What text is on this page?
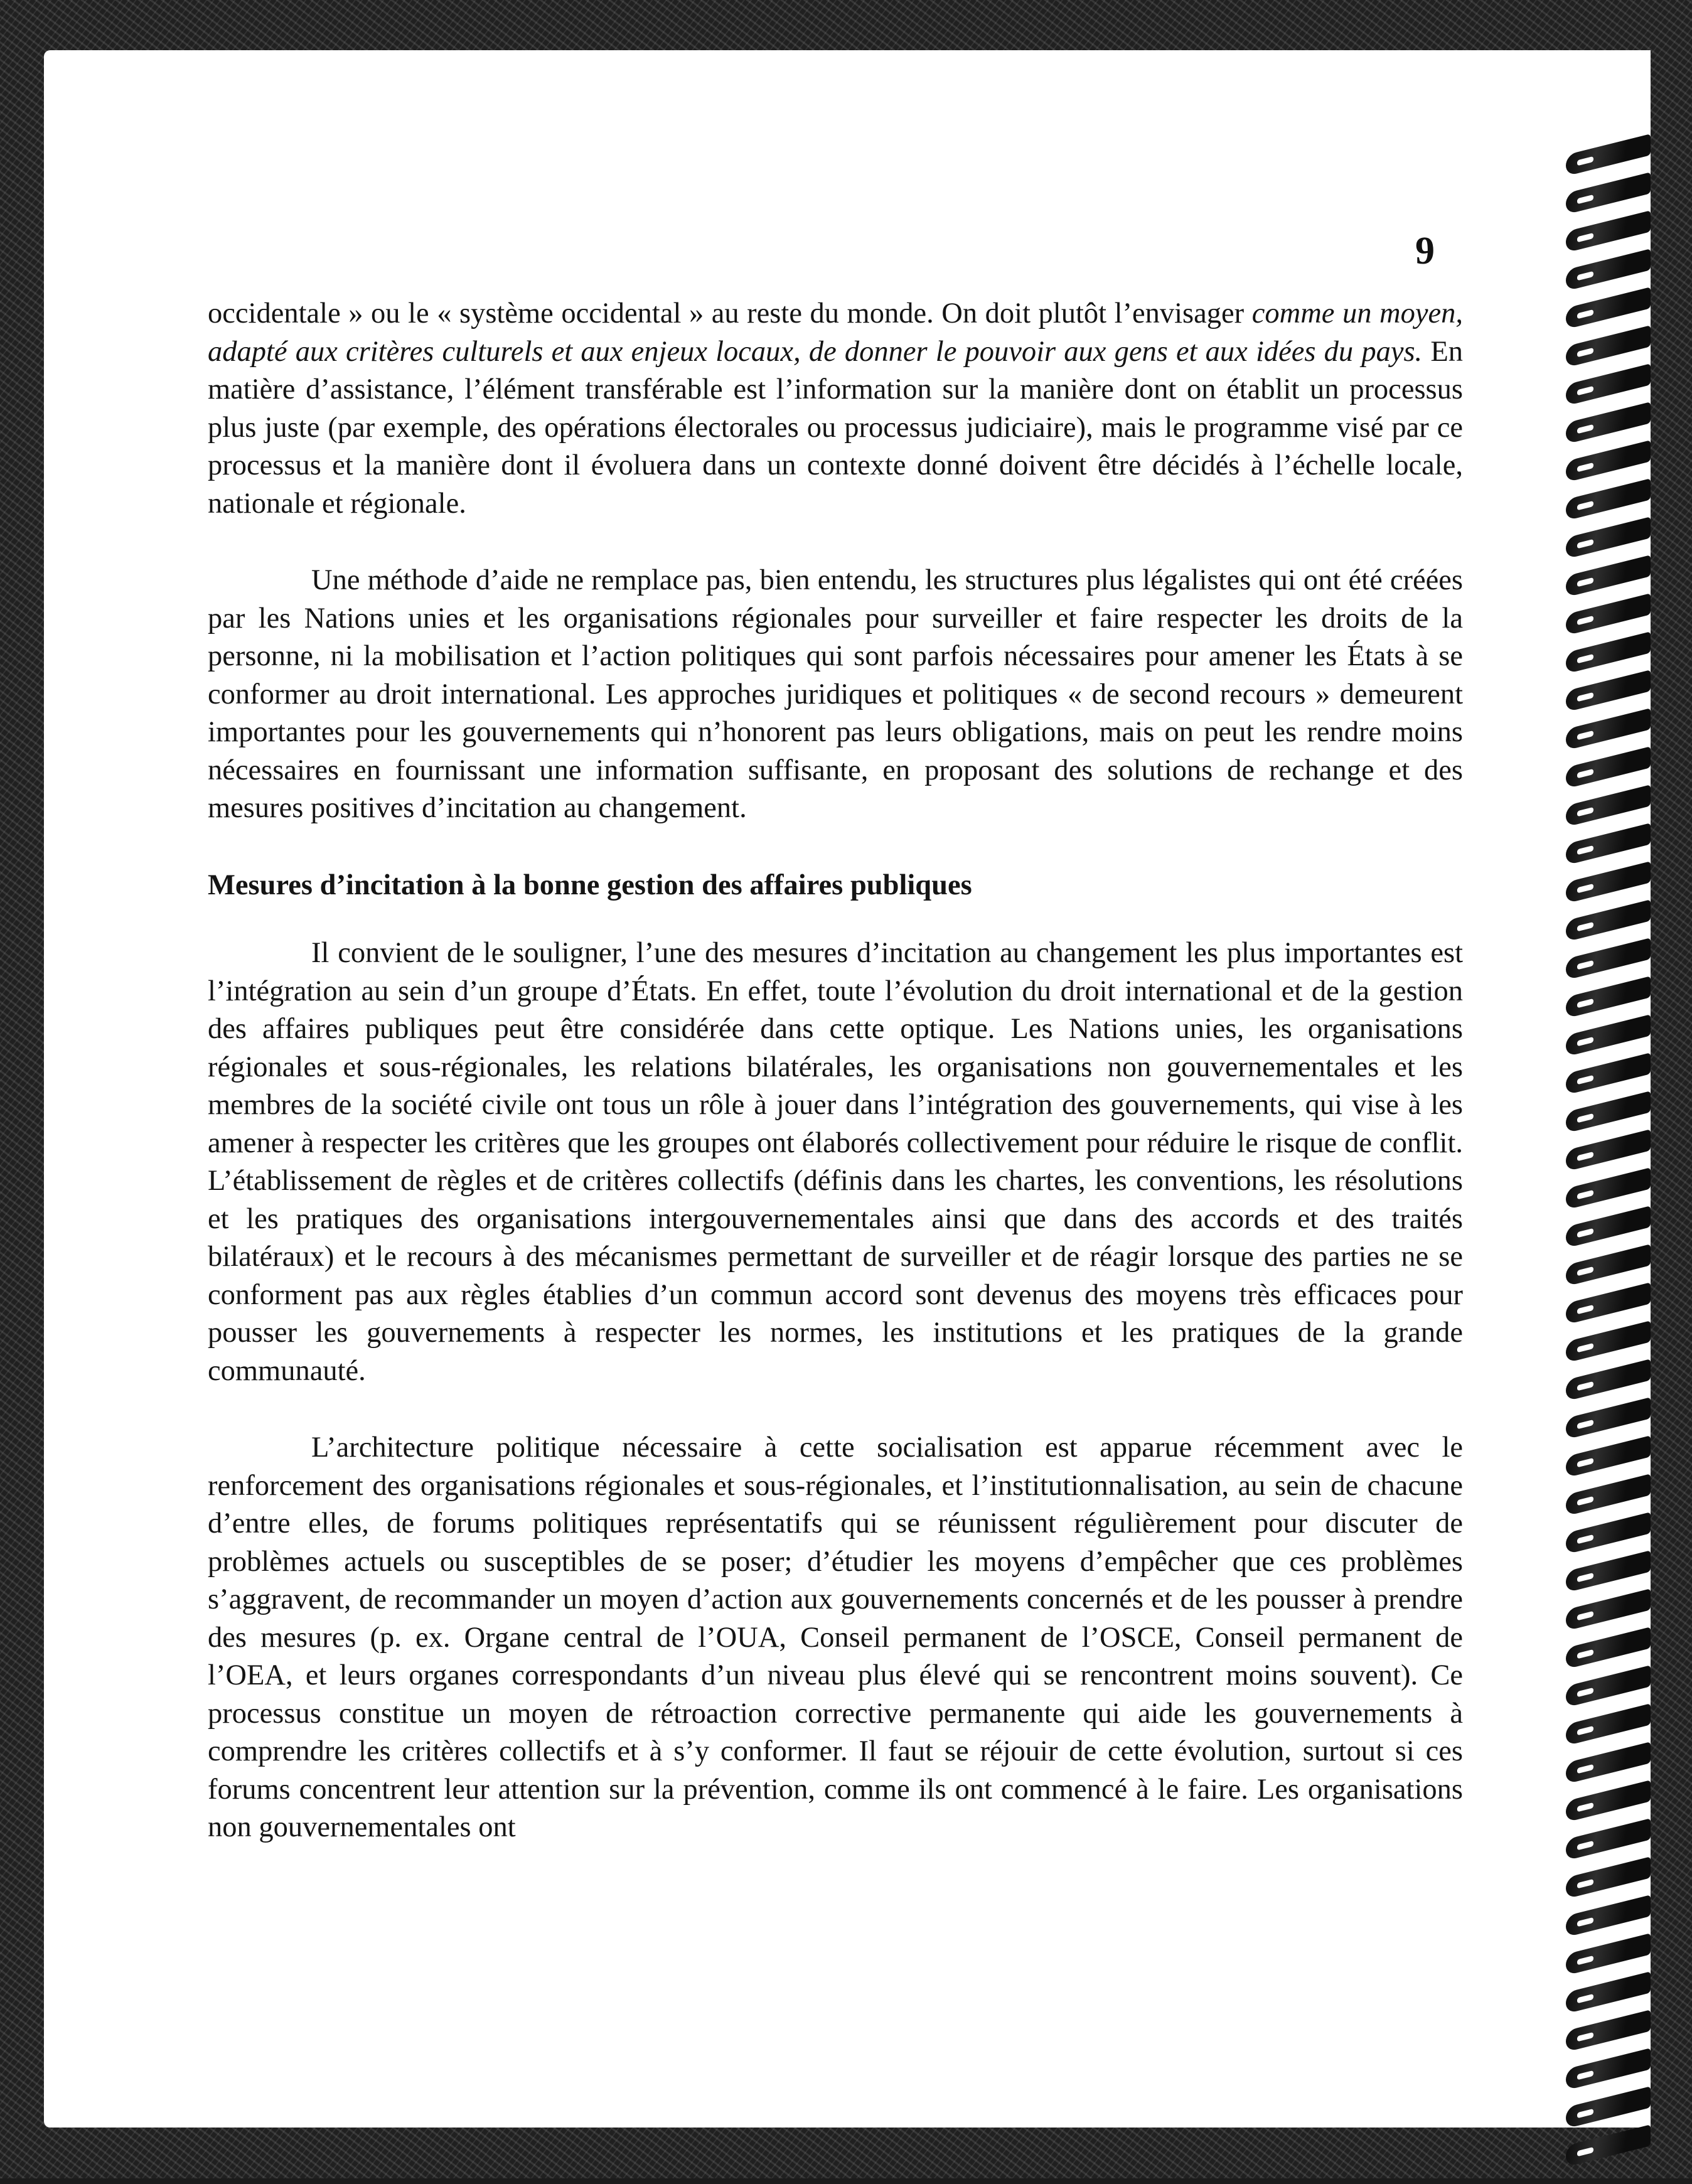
9

occidentale » ou le « système occidental » au reste du monde. On doit plutôt l’envisager comme un moyen, adapté aux critères culturels et aux enjeux locaux, de donner le pouvoir aux gens et aux idées du pays. En matière d’assistance, l’élément transférable est l’information sur la manière dont on établit un processus plus juste (par exemple, des opérations électorales ou processus judiciaire), mais le programme visé par ce processus et la manière dont il évoluera dans un contexte donné doivent être décidés à l’échelle locale, nationale et régionale.

Une méthode d’aide ne remplace pas, bien entendu, les structures plus légalistes qui ont été créées par les Nations unies et les organisations régionales pour surveiller et faire respecter les droits de la personne, ni la mobilisation et l’action politiques qui sont parfois nécessaires pour amener les États à se conformer au droit international. Les approches juridiques et politiques « de second recours » demeurent importantes pour les gouvernements qui n’honorent pas leurs obligations, mais on peut les rendre moins nécessaires en fournissant une information suffisante, en proposant des solutions de rechange et des mesures positives d’incitation au changement.

Mesures d’incitation à la bonne gestion des affaires publiques

Il convient de le souligner, l’une des mesures d’incitation au changement les plus importantes est l’intégration au sein d’un groupe d’États. En effet, toute l’évolution du droit international et de la gestion des affaires publiques peut être considérée dans cette optique. Les Nations unies, les organisations régionales et sous-régionales, les relations bilatérales, les organisations non gouvernementales et les membres de la société civile ont tous un rôle à jouer dans l’intégration des gouvernements, qui vise à les amener à respecter les critères que les groupes ont élaborés collectivement pour réduire le risque de conflit. L’établissement de règles et de critères collectifs (définis dans les chartes, les conventions, les résolutions et les pratiques des organisations intergouvernementales ainsi que dans des accords et des traités bilatéraux) et le recours à des mécanismes permettant de surveiller et de réagir lorsque des parties ne se conforment pas aux règles établies d’un commun accord sont devenus des moyens très efficaces pour pousser les gouvernements à respecter les normes, les institutions et les pratiques de la grande communauté.

L’architecture politique nécessaire à cette socialisation est apparue récemment avec le renforcement des organisations régionales et sous-régionales, et l’institutionnalisation, au sein de chacune d’entre elles, de forums politiques représentatifs qui se réunissent régulièrement pour discuter de problèmes actuels ou susceptibles de se poser; d’étudier les moyens d’empêcher que ces problèmes s’aggravent, de recommander un moyen d’action aux gouvernements concernés et de les pousser à prendre des mesures (p. ex. Organe central de l’OUA, Conseil permanent de l’OSCE, Conseil permanent de l’OEA, et leurs organes correspondants d’un niveau plus élevé qui se rencontrent moins souvent). Ce processus constitue un moyen de rétroaction corrective permanente qui aide les gouvernements à comprendre les critères collectifs et à s’y conformer. Il faut se réjouir de cette évolution, surtout si ces forums concentrent leur attention sur la prévention, comme ils ont commencé à le faire. Les organisations non gouvernementales ont
